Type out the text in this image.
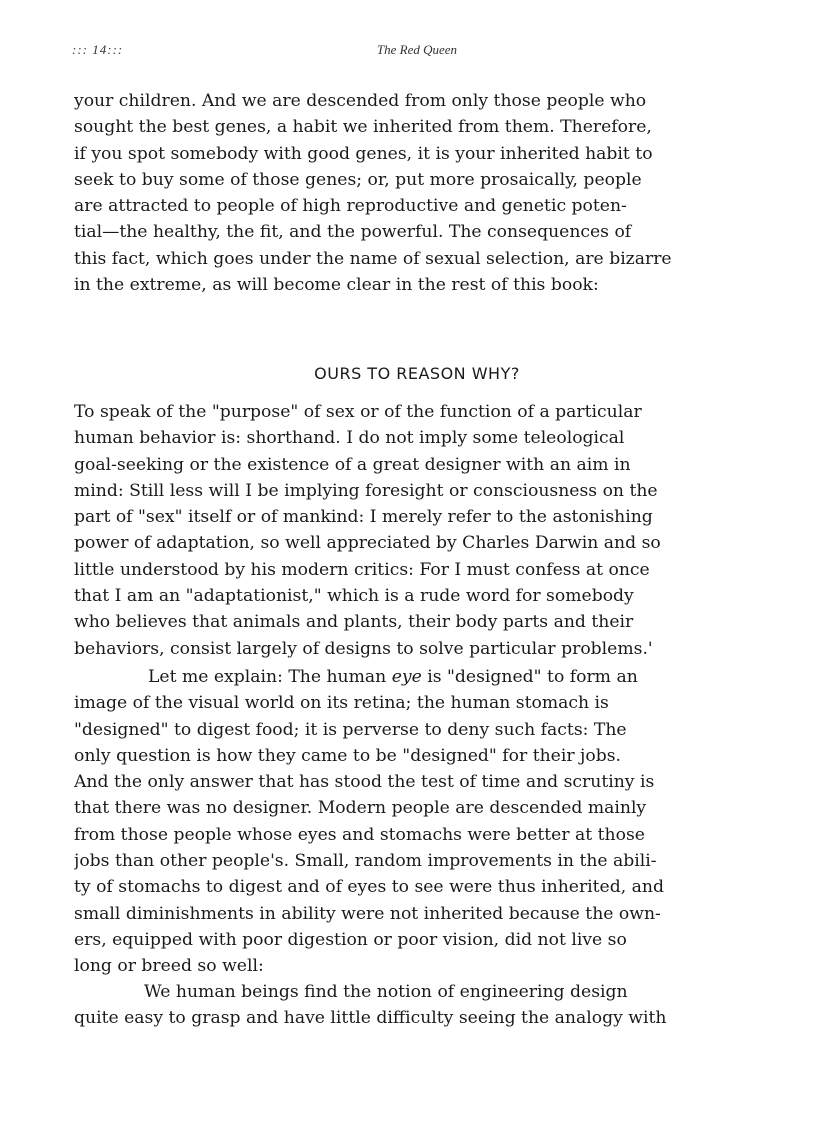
::: 14:::	The Red Queen
your children. And we are descended from only those people who
sought the best genes, a habit we inherited from them. Therefore,
if you spot somebody with good genes, it is your inherited habit to
seek to buy some of those genes; or, put more prosaically, people
are attracted to people of high reproductive and genetic poten-
tial—the healthy, the fit, and the powerful. The consequences of
this fact, which goes under the name of sexual selection, are bizarre
in the extreme, as will become clear in the rest of this book:
OURS TO REASON WHY?
To speak of the "purpose" of sex or of the function of a particular
human behavior is: shorthand. I do not imply some teleological
goal-seeking or the existence of a great designer with an aim in
mind: Still less will I be implying foresight or consciousness on the
part of "sex" itself or of mankind: I merely refer to the astonishing
power of adaptation, so well appreciated by Charles Darwin and so
little understood by his modern critics: For I must confess at once
that I am an "adaptationist," which is a rude word for somebody
who believes that animals and plants, their body parts and their
behaviors, consist largely of designs to solve particular problems.'
Let me explain: The human eye is "designed" to form an
image of the visual world on its retina; the human stomach is
"designed" to digest food; it is perverse to deny such facts: The
only question is how they came to be "designed" for their jobs.
And the only answer that has stood the test of time and scrutiny is
that there was no designer. Modern people are descended mainly
from those people whose eyes and stomachs were better at those
jobs than other people's. Small, random improvements in the abili-
ty of stomachs to digest and of eyes to see were thus inherited, and
small diminishments in ability were not inherited because the own-
ers, equipped with poor digestion or poor vision, did not live so
long or breed so well:
We human beings find the notion of engineering design
quite easy to grasp and have little difficulty seeing the analogy with
